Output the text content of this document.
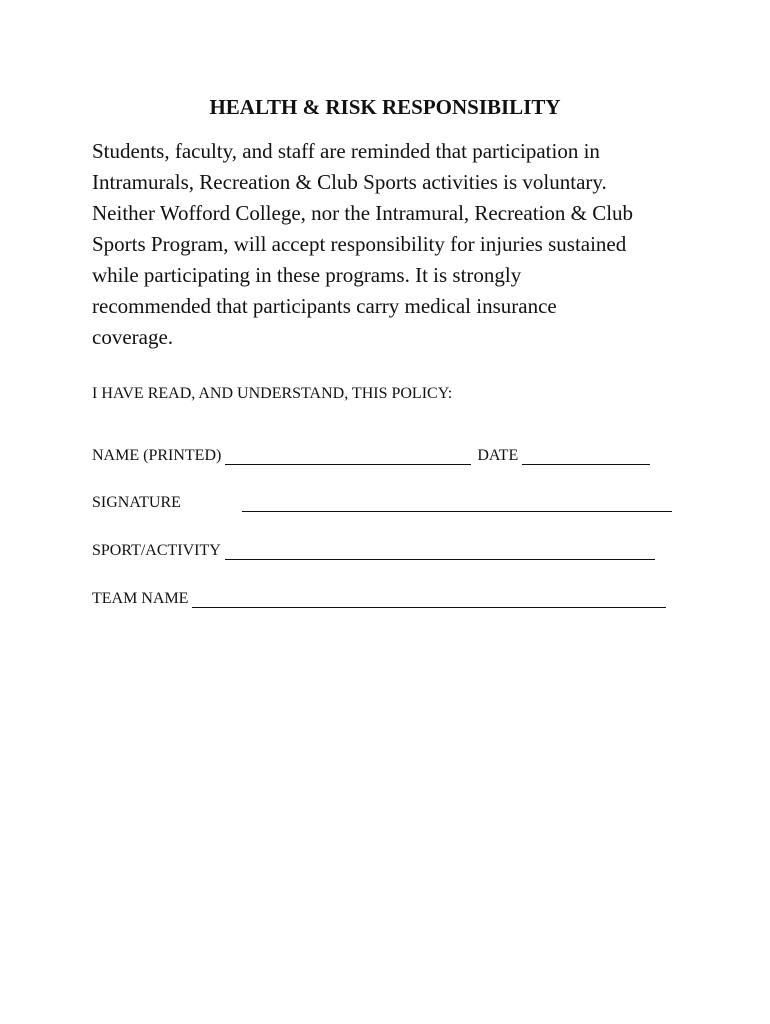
HEALTH & RISK RESPONSIBILITY
Students, faculty, and staff are reminded that participation in
Intramurals, Recreation & Club Sports activities is voluntary.
Neither Wofford College, nor the Intramural, Recreation & Club
Sports Program, will accept responsibility for injuries sustained
while participating in these programs. It is strongly
recommended that participants carry medical insurance
coverage.
I HAVE READ, AND UNDERSTAND, THIS POLICY:
NAME (PRINTED)	DATE
SIGNATURE
SPORT/ACTIVITY
TEAM NAME
